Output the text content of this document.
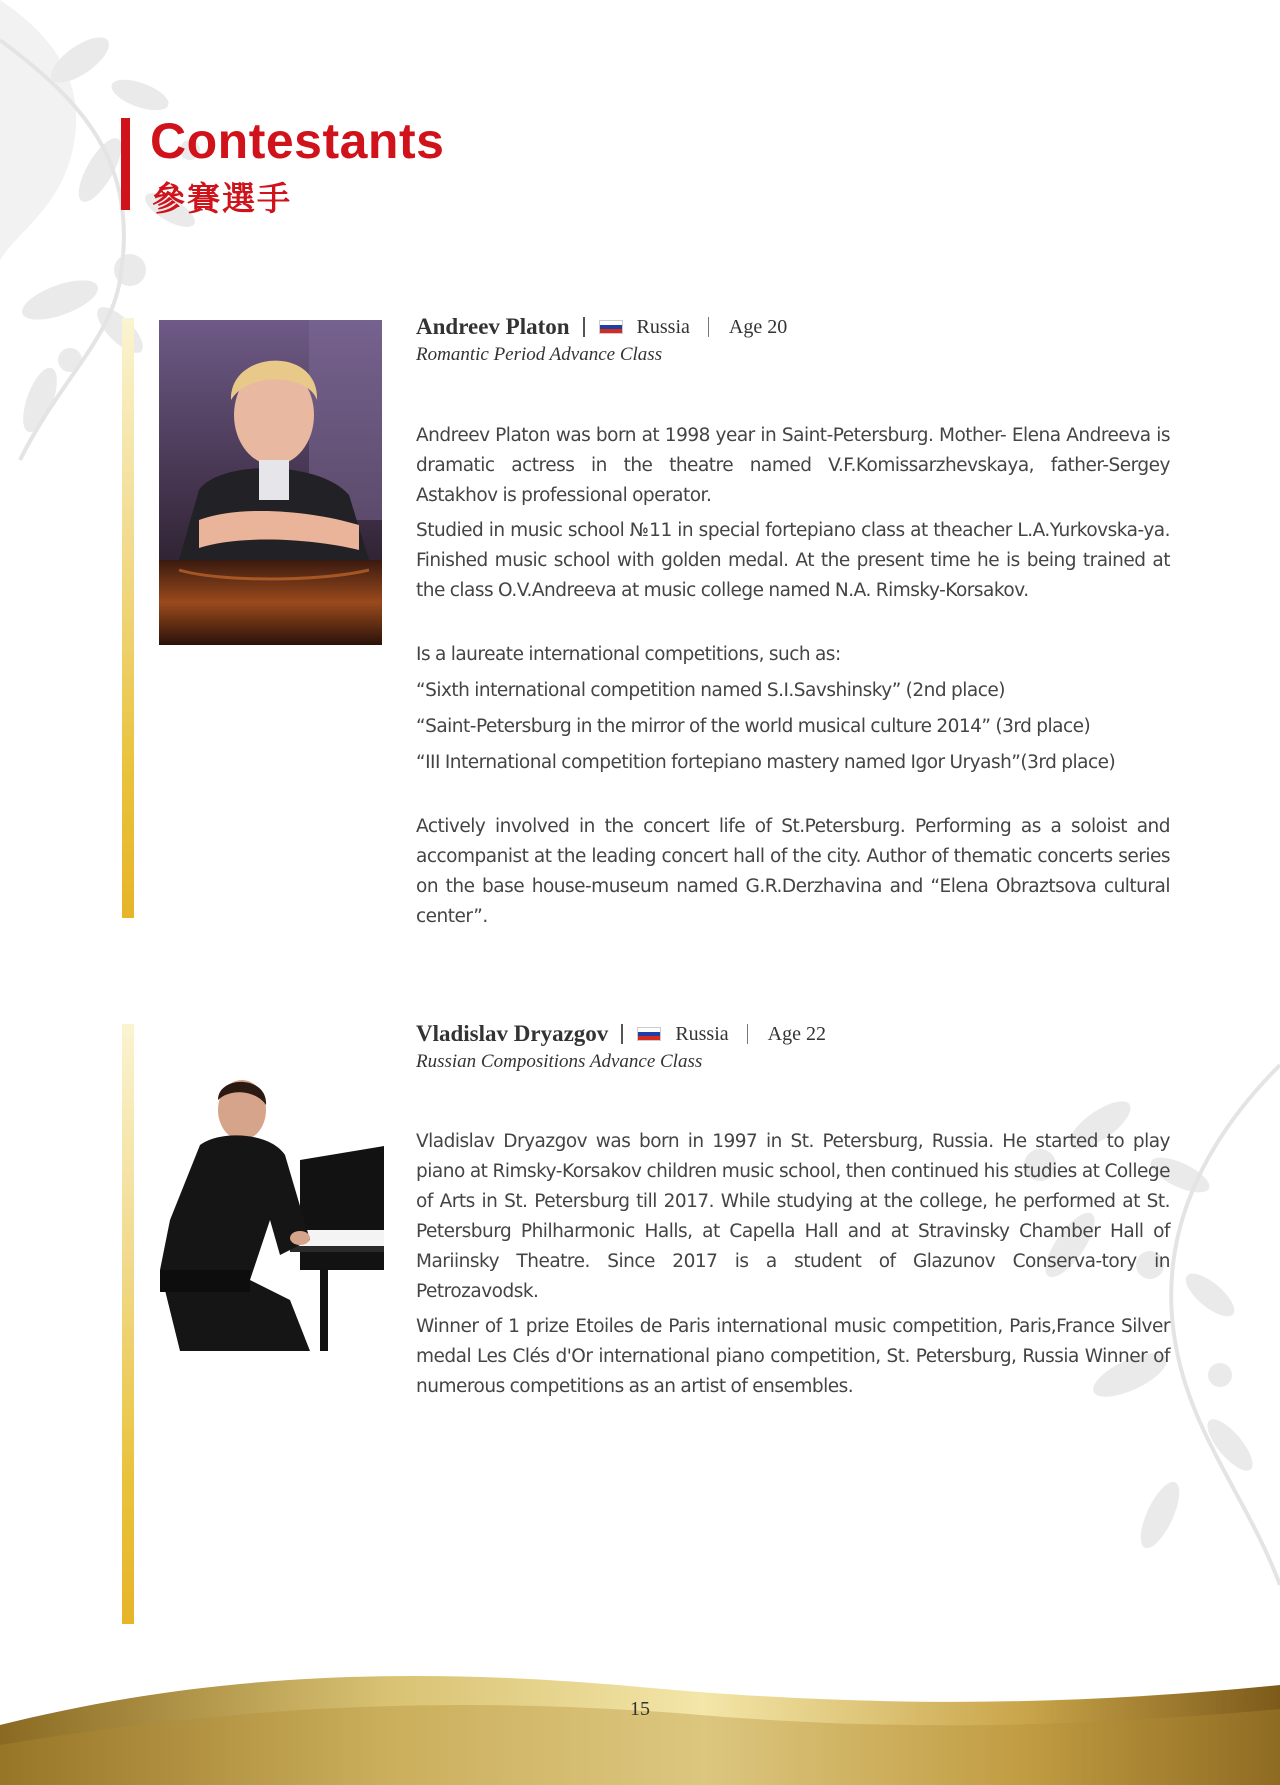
Contestants
參賽選手
Andreev Platon	Russia Age 20
Romantic Period Advance Class

Andreev Platon was born at 1998 year in Saint-Petersburg. Mother- Elena Andreeva is dramatic actress in the theatre named V.F.Komissarzhevskaya, father-Sergey Astakhov is professional operator.

Studied in music school №11 in special fortepiano class at theacher L.A.Yurkovska-ya. Finished music school with golden medal. At the present time he is being trained at the class O.V.Andreeva at music college named N.A. Rimsky-Korsakov.

Is a laureate international competitions, such as:

“Sixth international competition named S.I.Savshinsky” (2nd place)

“Saint-Petersburg in the mirror of the world musical culture 2014” (3rd place)

“III International competition fortepiano mastery named Igor Uryash”(3rd place)

Actively involved in the concert life of St.Petersburg. Performing as a soloist and accompanist at the leading concert hall of the city. Author of thematic concerts series on the base house-museum named G.R.Derzhavina and “Elena Obraztsova cultural center”.

Vladislav Dryazgov	Russia Age 22
Russian Compositions Advance Class

Vladislav Dryazgov was born in 1997 in St. Petersburg, Russia. He started to play piano at Rimsky-Korsakov children music school, then continued his studies at College of Arts in St. Petersburg till 2017. While studying at the college, he performed at St. Petersburg Philharmonic Halls, at Capella Hall and at Stravinsky Chamber Hall of Mariinsky Theatre. Since 2017 is a student of Glazunov Conserva-tory in Petrozavodsk.

Winner of 1 prize Etoiles de Paris international music competition, Paris,France Silver medal Les Clés d'Or international piano competition, St. Petersburg, Russia Winner of numerous competitions as an artist of ensembles.

15
